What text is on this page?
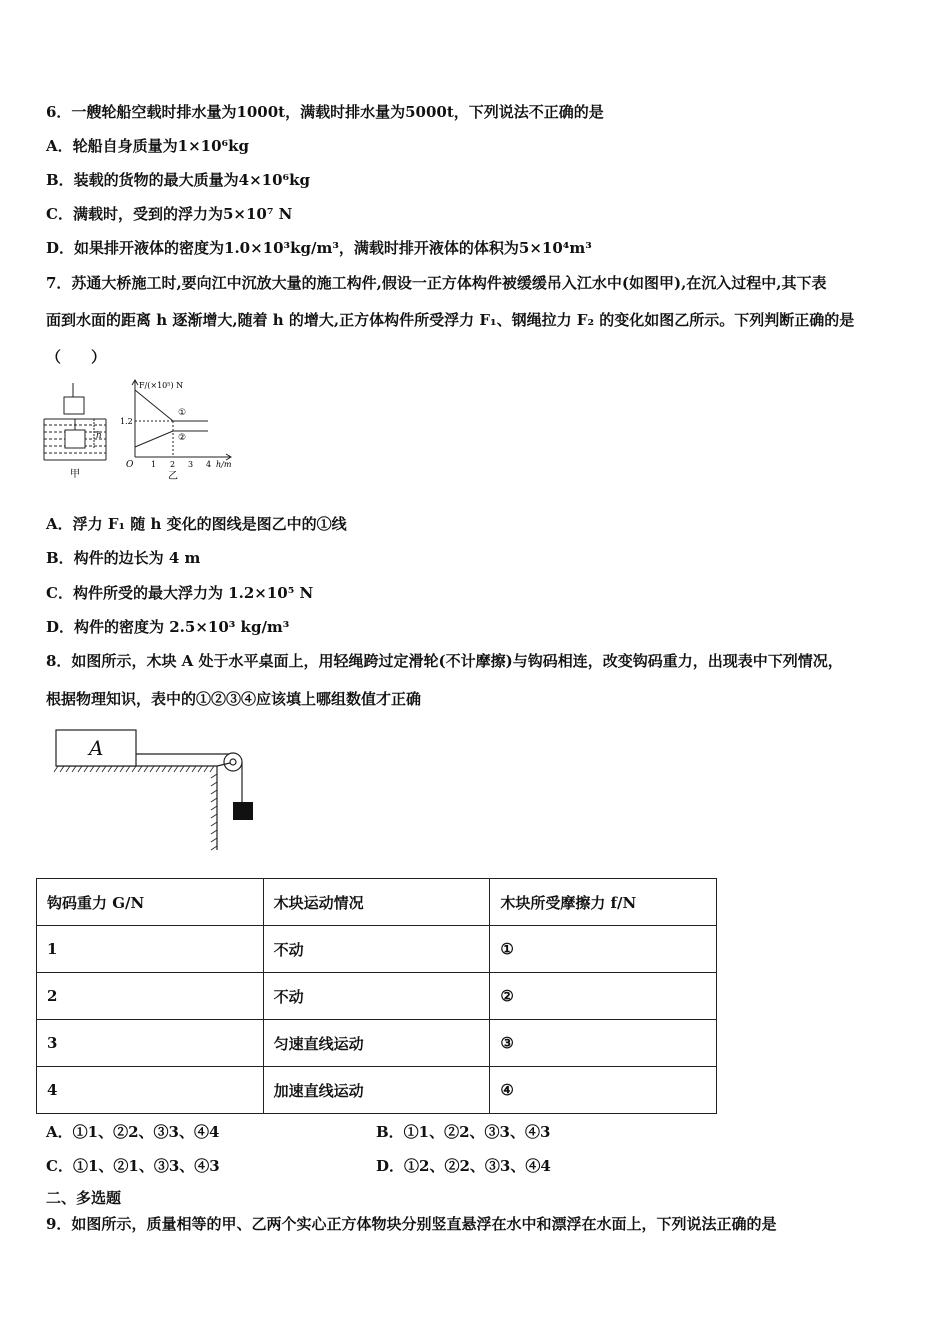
6．一艘轮船空载时排水量为1000t，满载时排水量为5000t，下列说法不正确的是
A．轮船自身质量为1×10⁶kg
B．装载的货物的最大质量为4×10⁶kg
C．满载时，受到的浮力为5×10⁷ N
D．如果排开液体的密度为1.0×10³kg/m³，满载时排开液体的体积为5×10⁴m³
7．苏通大桥施工时,要向江中沉放大量的施工构件,假设一正方体构件被缓缓吊入江水中(如图甲),在沉入过程中,其下表
面到水面的距离 h 逐渐增大,随着 h 的增大,正方体构件所受浮力 F₁、钢绳拉力 F₂ 的变化如图乙所示。下列判断正确的是
（　　）
h
甲
F/(×10⁵) N
1.2
①
②
O 1 2 3 4 h/m
乙
A．浮力 F₁ 随 h 变化的图线是图乙中的①线
B．构件的边长为 4 m
C．构件所受的最大浮力为 1.2×10⁵ N
D．构件的密度为 2.5×10³ kg/m³
8．如图所示，木块 A 处于水平桌面上，用轻绳跨过定滑轮(不计摩擦)与钩码相连，改变钩码重力，出现表中下列情况，
根据物理知识，表中的①②③④应该填上哪组数值才正确
A
钩码重力 G/N	木块运动情况	木块所受摩擦力 f/N
1	不动	①
2	不动	②
3	匀速直线运动	③
4	加速直线运动	④
A．①1、②2、③3、④4	B．①1、②2、③3、④3
C．①1、②1、③3、④3	D．①2、②2、③3、④4
二、多选题
9．如图所示，质量相等的甲、乙两个实心正方体物块分别竖直悬浮在水中和漂浮在水面上，下列说法正确的是
